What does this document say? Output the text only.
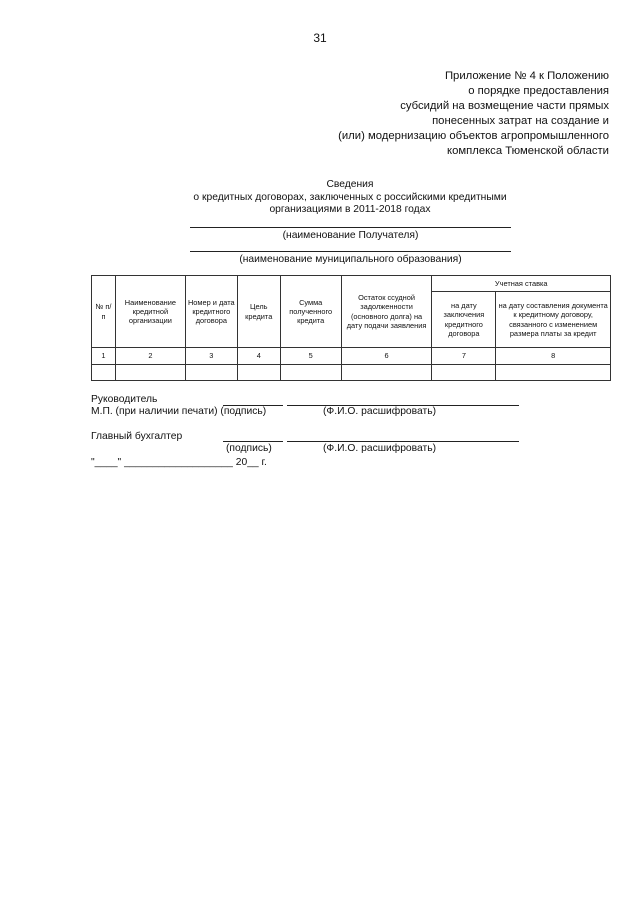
31
Приложение № 4 к Положению
о порядке предоставления
субсидий на возмещение части прямых
понесенных затрат на создание и
(или) модернизацию объектов агропромышленного
комплекса Тюменской области
Сведения
о кредитных договорах, заключенных с российскими кредитными
организациями в 2011-2018 годах
(наименование Получателя)
(наименование муниципального образования)
№ п/п	Наименование кредитной организации	Номер и дата кредитного договора	Цель кредита	Сумма полученного кредита	Остаток ссудной задолженности (основного долга) на дату подачи заявления	Учетная ставка	
						на дату заключения кредитного договора	на дату составления документа к кредитному договору, связанного с изменением размера платы за кредит
1	2	3	4	5	6	7	8

Руководитель
М.П. (при наличии печати) (подпись)	(Ф.И.О. расшифровать)
Главный бухгалтер
(подпись)	(Ф.И.О. расшифровать)
"____" ___________________ 20__ г.
